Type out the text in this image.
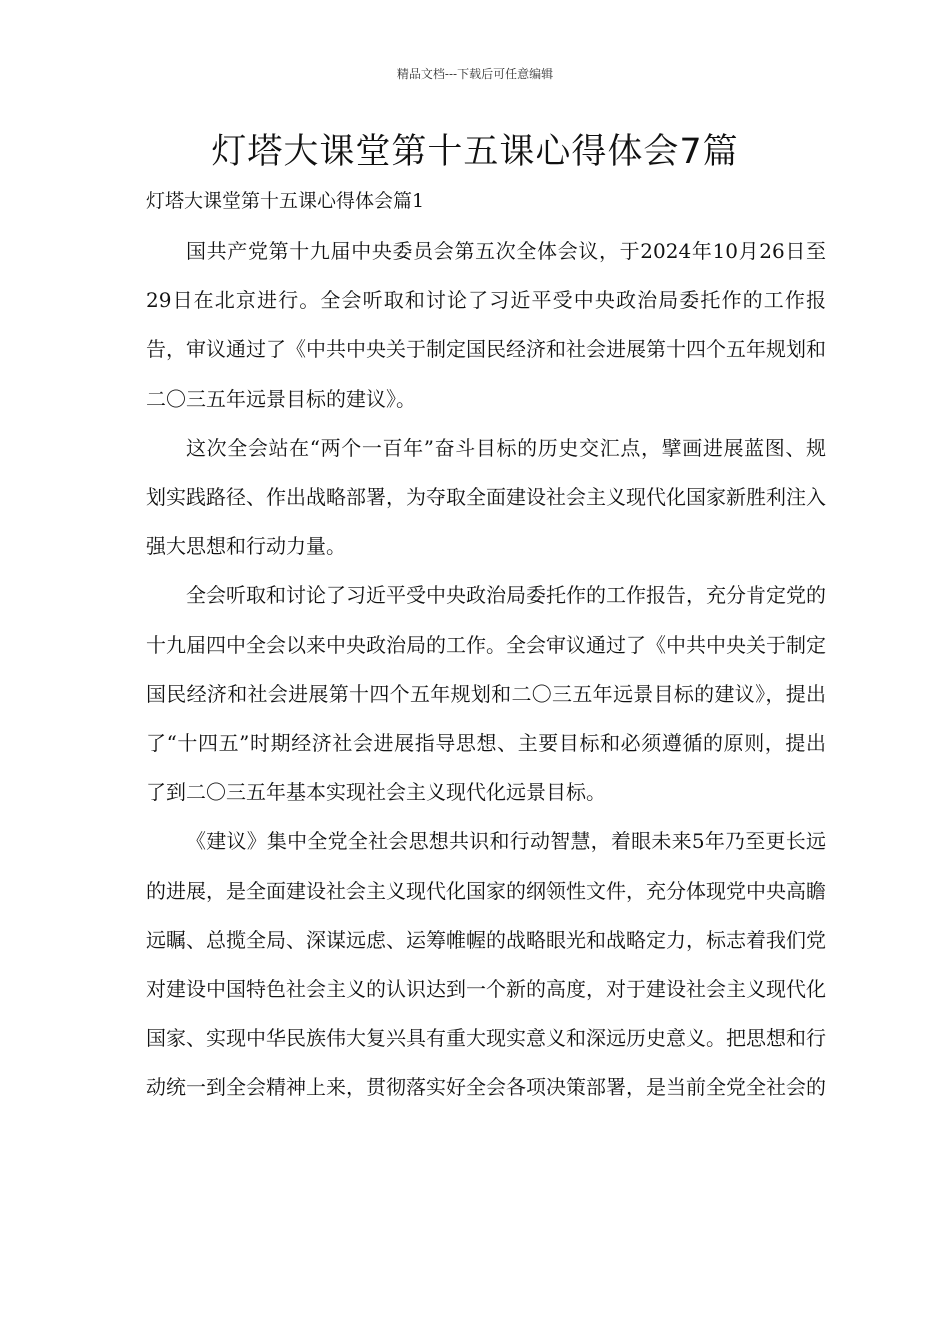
精品文档---下载后可任意编辑
灯塔大课堂第十五课心得体会7篇
灯塔大课堂第十五课心得体会篇1

国共产党第十九届中央委员会第五次全体会议，于2024年10月26日至29日在北京进行。全会听取和讨论了习近平受中央政治局委托作的工作报告，审议通过了《中共中央关于制定国民经济和社会进展第十四个五年规划和二〇三五年远景目标的建议》。

这次全会站在“两个一百年”奋斗目标的历史交汇点，擘画进展蓝图、规划实践路径、作出战略部署，为夺取全面建设社会主义现代化国家新胜利注入强大思想和行动力量。

全会听取和讨论了习近平受中央政治局委托作的工作报告，充分肯定党的十九届四中全会以来中央政治局的工作。全会审议通过了《中共中央关于制定国民经济和社会进展第十四个五年规划和二〇三五年远景目标的建议》，提出了“十四五”时期经济社会进展指导思想、主要目标和必须遵循的原则，提出了到二〇三五年基本实现社会主义现代化远景目标。

《建议》集中全党全社会思想共识和行动智慧，着眼未来5年乃至更长远的进展，是全面建设社会主义现代化国家的纲领性文件，充分体现党中央高瞻远瞩、总揽全局、深谋远虑、运筹帷幄的战略眼光和战略定力，标志着我们党对建设中国特色社会主义的认识达到一个新的高度，对于建设社会主义现代化国家、实现中华民族伟大复兴具有重大现实意义和深远历史意义。把思想和行动统一到全会精神上来，贯彻落实好全会各项决策部署，是当前全党全社会的
